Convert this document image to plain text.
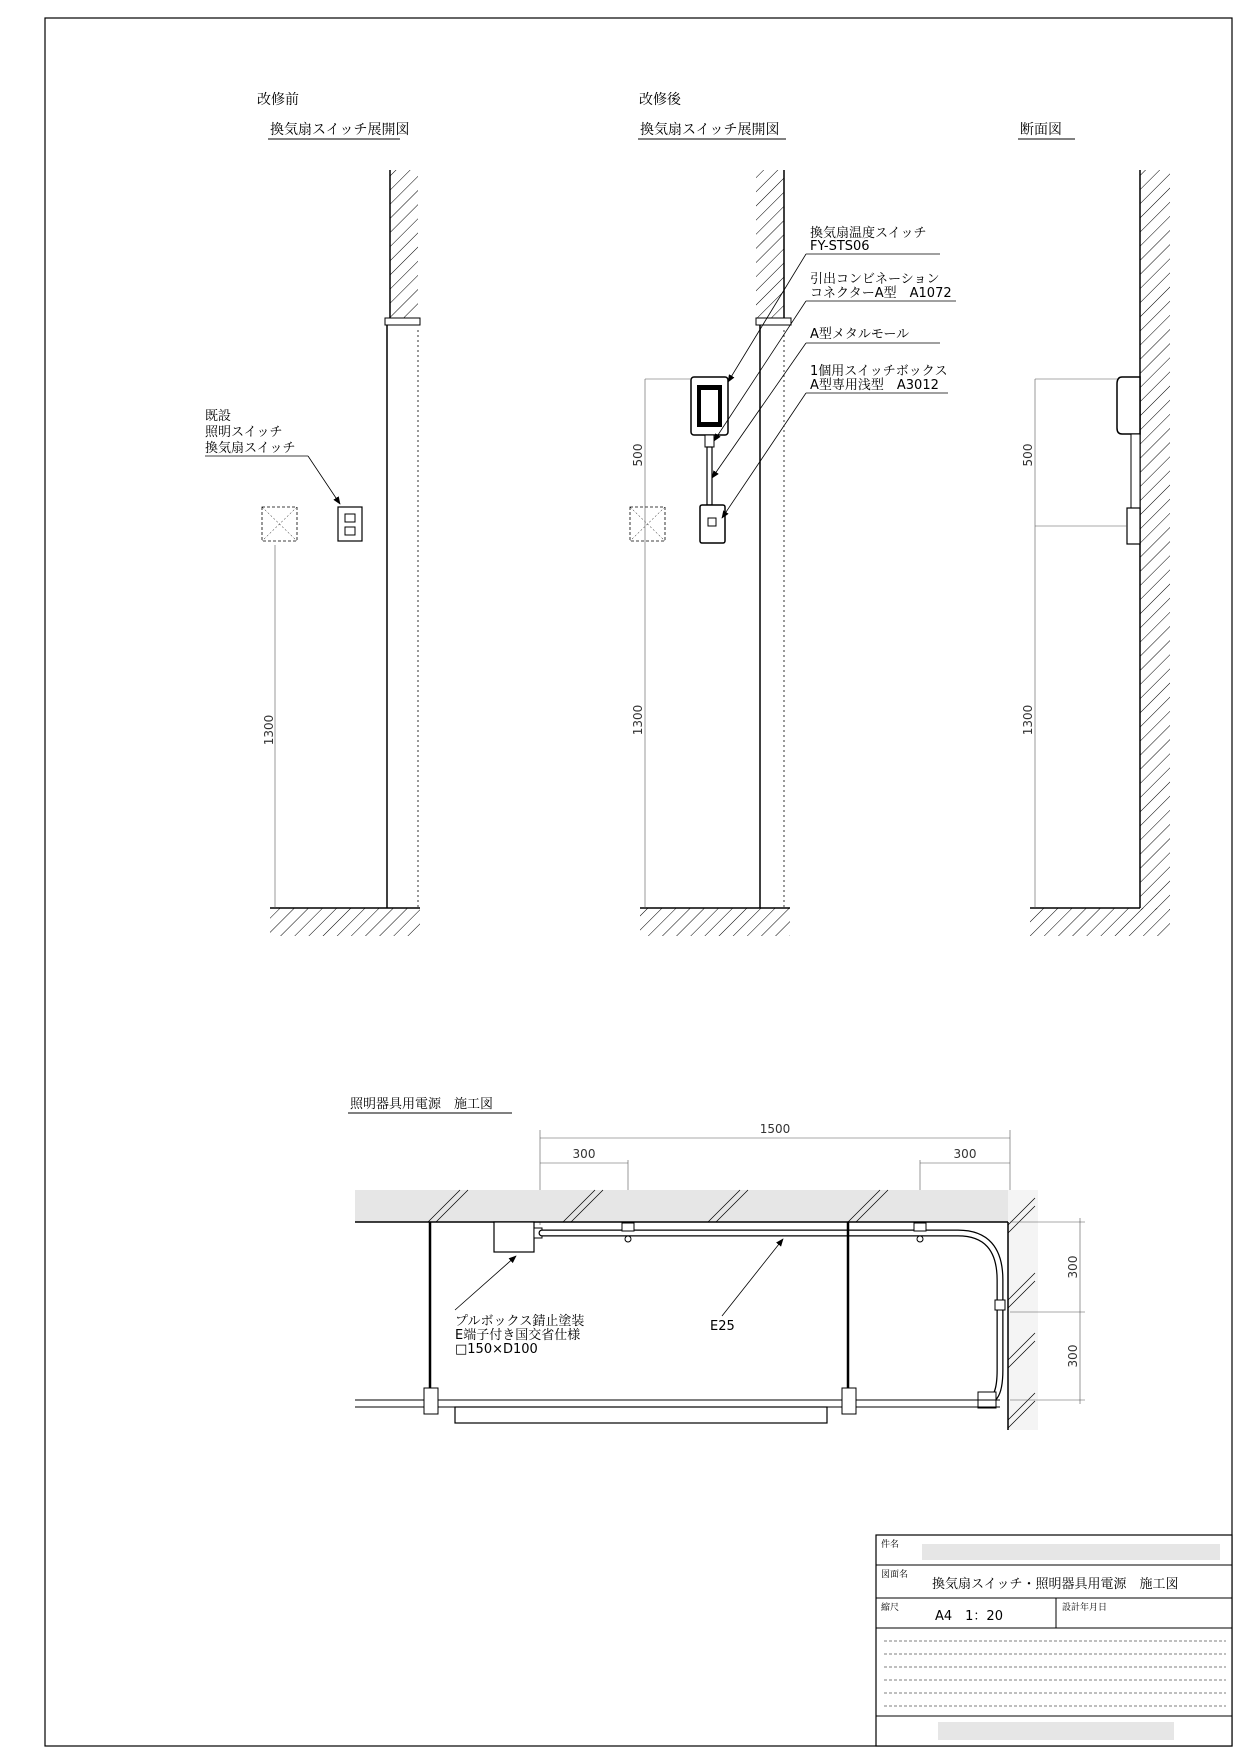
改修前
換気扇スイッチ展開図
既設
照明スイッチ
換気扇スイッチ
1300
改修後
換気扇スイッチ展開図
換気扇温度スイッチ
FY-STS06
引出コンビネーション
コネクターA型　A1072
A型メタルモール
1個用スイッチボックス
A型専用浅型　A3012
500
1300
断面図
500
1300
照明器具用電源　施工図
1500
300	300
300
300
プルボックス錆止塗装
E端子付き国交省仕様
□150×D100
E25
件名
図面名
換気扇スイッチ・照明器具用電源　施工図
縮尺
A4　1：20
設計年月日
